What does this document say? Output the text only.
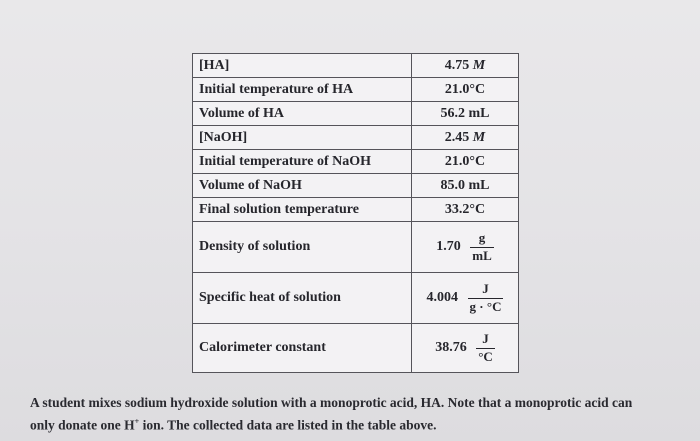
[HA]	4.75 M
Initial temperature of HA	21.0°C
Volume of HA	56.2 mL
[NaOH]	2.45 M
Initial temperature of NaOH	21.0°C
Volume of NaOH	85.0 mL
Final solution temperature	33.2°C
Density of solution	$1.70 \frac{g}{mL}$

Specific heat of solution	$4.004 \frac{J}{g \cdot ^\circ C}$

Calorimeter constant	$38.76 \frac{J}{^\circ C}$
A student mixes sodium hydroxide solution with a monoprotic acid, HA. Note that a monoprotic acid can
only donate one H+ ion. The collected data are listed in the table above.
